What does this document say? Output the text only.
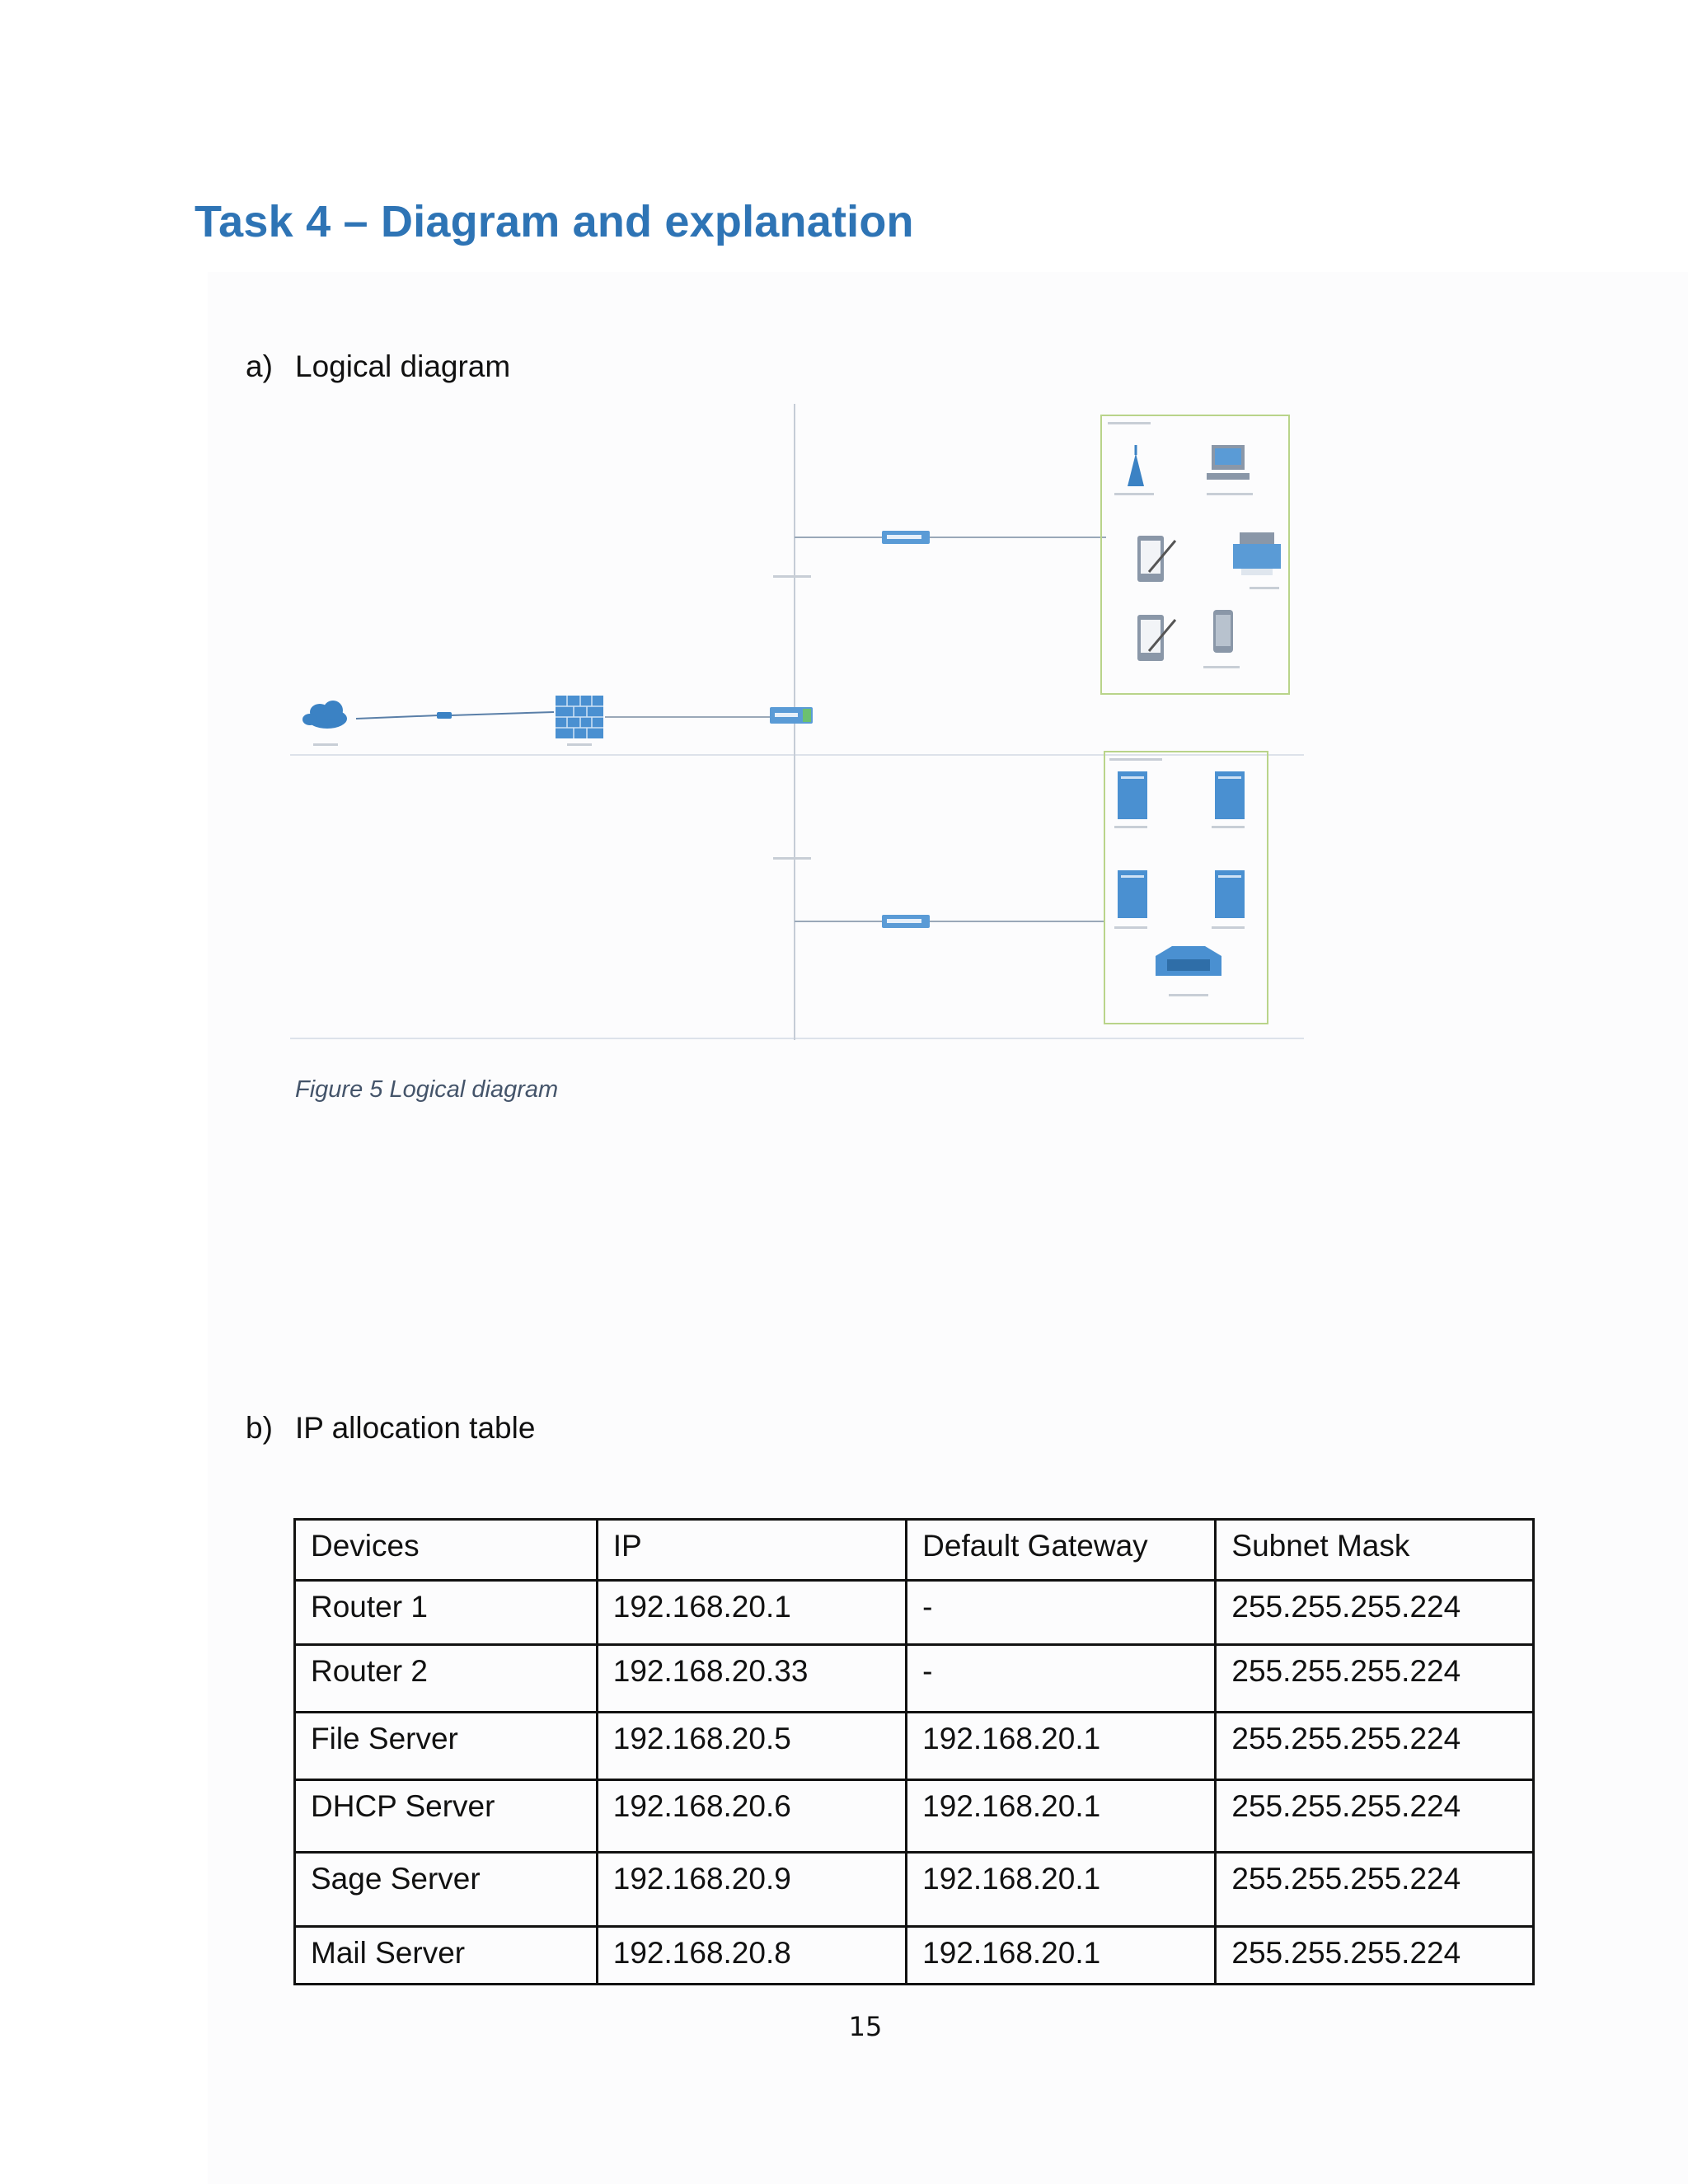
Task 4 – Diagram and explanation
a) Logical diagram
Figure 5 Logical diagram
b) IP allocation table
Devices	IP	Default Gateway	Subnet Mask
Router 1	192.168.20.1	-	255.255.255.224
Router 2	192.168.20.33	-	255.255.255.224
File Server	192.168.20.5	192.168.20.1	255.255.255.224
DHCP Server	192.168.20.6	192.168.20.1	255.255.255.224
Sage Server	192.168.20.9	192.168.20.1	255.255.255.224
Mail Server	192.168.20.8	192.168.20.1	255.255.255.224
15
